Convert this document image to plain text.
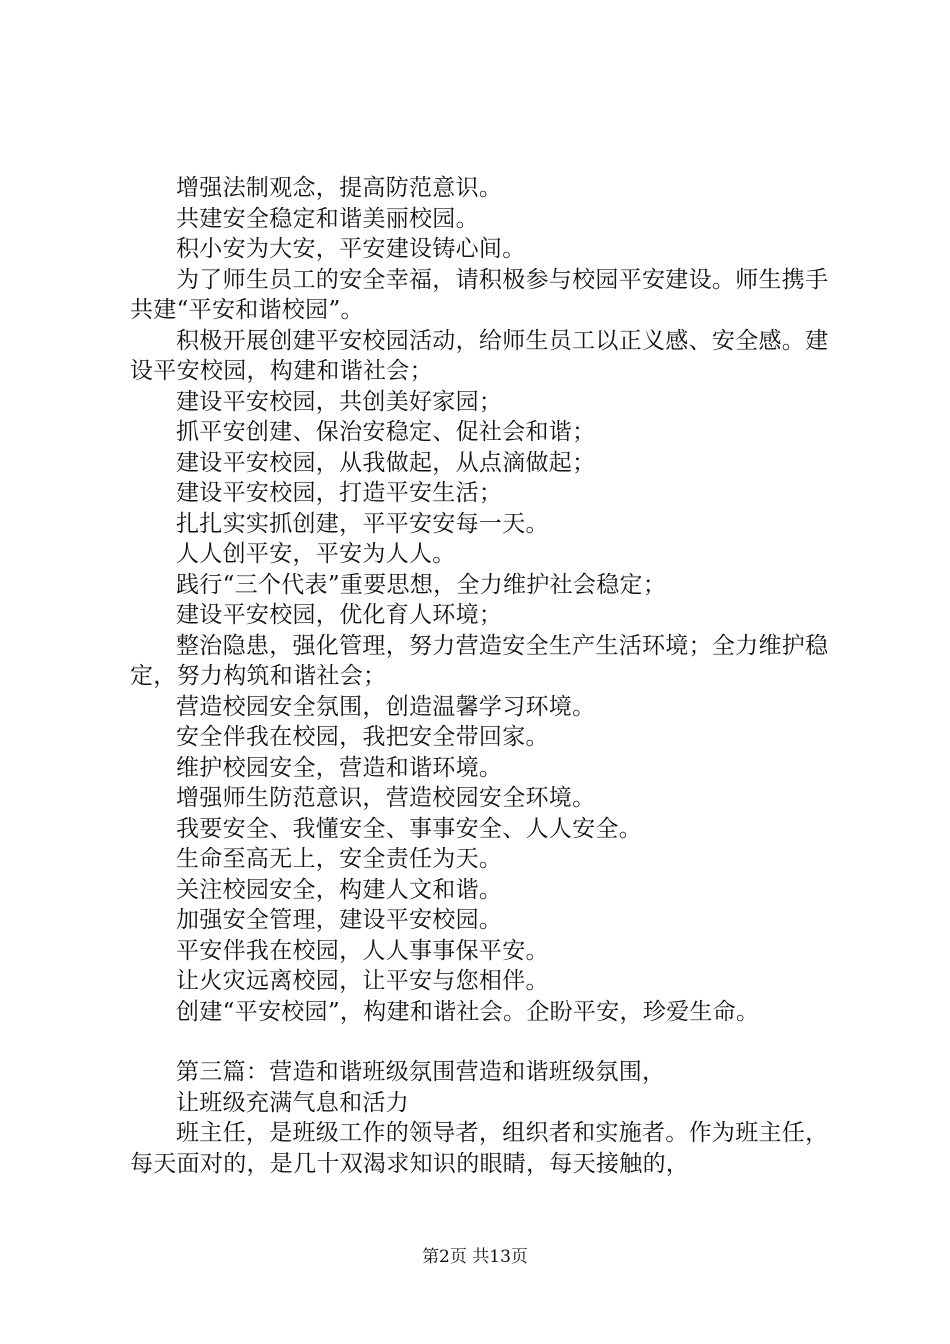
增强法制观念，提高防范意识。

共建安全稳定和谐美丽校园。

积小安为大安，平安建设铸心间。

为了师生员工的安全幸福，请积极参与校园平安建设。师生携手共建“平安和谐校园”。

积极开展创建平安校园活动，给师生员工以正义感、安全感。建设平安校园，构建和谐社会；

建设平安校园，共创美好家园；

抓平安创建、保治安稳定、促社会和谐；

建设平安校园，从我做起，从点滴做起；

建设平安校园，打造平安生活；

扎扎实实抓创建，平平安安每一天。

人人创平安，平安为人人。

践行“三个代表”重要思想，全力维护社会稳定；

建设平安校园，优化育人环境；

整治隐患，强化管理，努力营造安全生产生活环境；全力维护稳定，努力构筑和谐社会；

营造校园安全氛围，创造温馨学习环境。

安全伴我在校园，我把安全带回家。

维护校园安全，营造和谐环境。

增强师生防范意识，营造校园安全环境。

我要安全、我懂安全、事事安全、人人安全。

生命至高无上，安全责任为天。

关注校园安全，构建人文和谐。

加强安全管理，建设平安校园。

平安伴我在校园，人人事事保平安。

让火灾远离校园，让平安与您相伴。

创建“平安校园”，构建和谐社会。企盼平安，珍爱生命。

第三篇：营造和谐班级氛围营造和谐班级氛围，

让班级充满气息和活力

班主任，是班级工作的领导者，组织者和实施者。作为班主任，每天面对的，是几十双渴求知识的眼睛，每天接触的，

第2页 共13页
